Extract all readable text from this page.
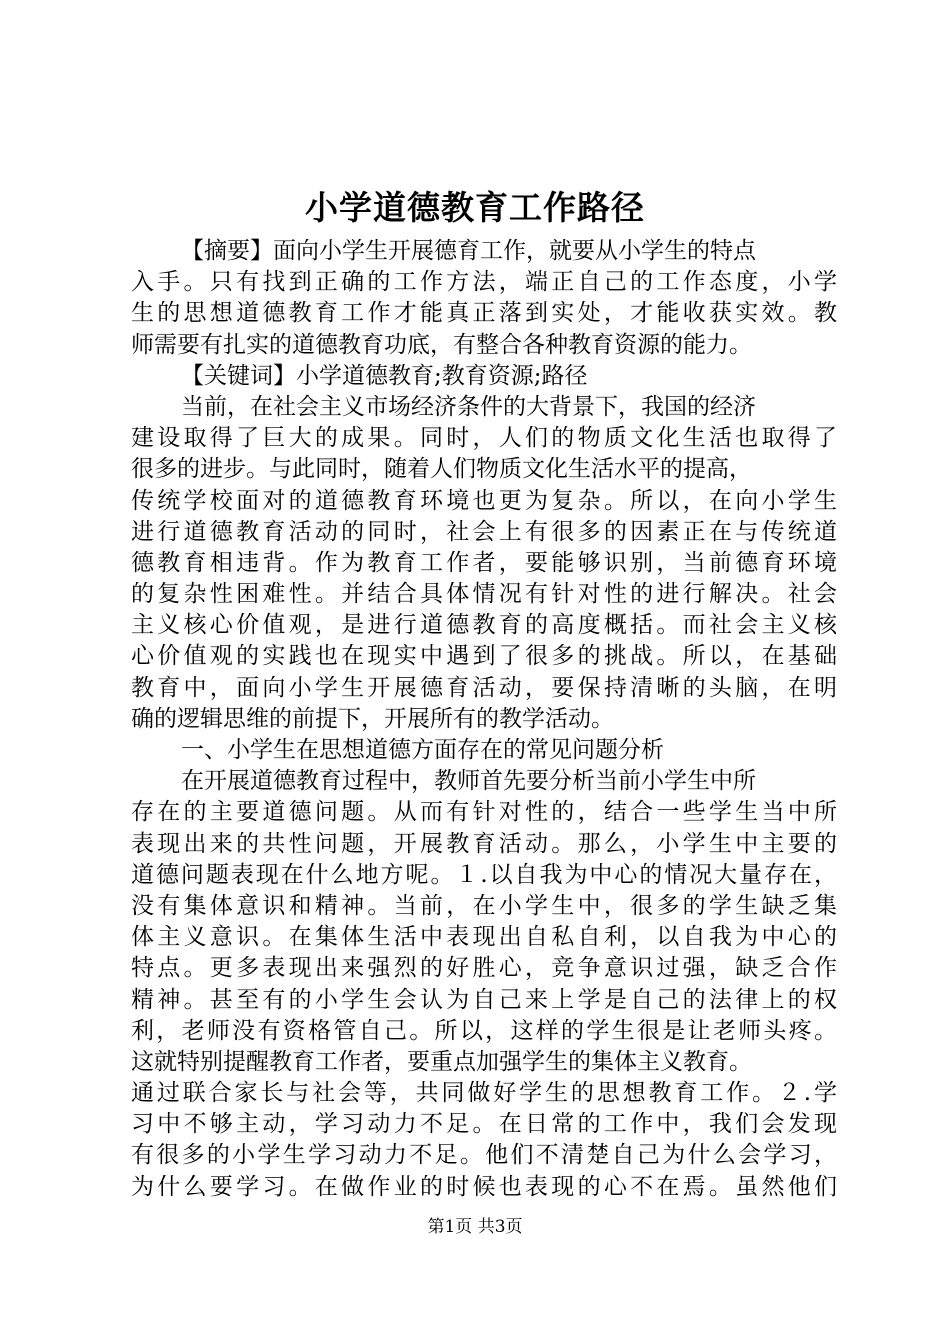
小学道德教育工作路径
【摘要】面向小学生开展德育工作，就要从小学生的特点
入手。只有找到正确的工作方法，端正自己的工作态度，小学
生的思想道德教育工作才能真正落到实处，才能收获实效。教
师需要有扎实的道德教育功底，有整合各种教育资源的能力。
【关键词】小学道德教育;教育资源;路径
当前，在社会主义市场经济条件的大背景下，我国的经济
建设取得了巨大的成果。同时，人们的物质文化生活也取得了
很多的进步。与此同时，随着人们物质文化生活水平的提高，
传统学校面对的道德教育环境也更为复杂。所以，在向小学生
进行道德教育活动的同时，社会上有很多的因素正在与传统道
德教育相违背。作为教育工作者，要能够识别，当前德育环境
的复杂性困难性。并结合具体情况有针对性的进行解决。社会
主义核心价值观，是进行道德教育的高度概括。而社会主义核
心价值观的实践也在现实中遇到了很多的挑战。所以，在基础
教育中，面向小学生开展德育活动，要保持清晰的头脑，在明
确的逻辑思维的前提下，开展所有的教学活动。
一、小学生在思想道德方面存在的常见问题分析
在开展道德教育过程中，教师首先要分析当前小学生中所
存在的主要道德问题。从而有针对性的，结合一些学生当中所
表现出来的共性问题，开展教育活动。那么，小学生中主要的
道德问题表现在什么地方呢。１.以自我为中心的情况大量存在，
没有集体意识和精神。当前，在小学生中，很多的学生缺乏集
体主义意识。在集体生活中表现出自私自利，以自我为中心的
特点。更多表现出来强烈的好胜心，竞争意识过强，缺乏合作
精神。甚至有的小学生会认为自己来上学是自己的法律上的权
利，老师没有资格管自己。所以，这样的学生很是让老师头疼。
这就特别提醒教育工作者，要重点加强学生的集体主义教育。
通过联合家长与社会等，共同做好学生的思想教育工作。２.学
习中不够主动，学习动力不足。在日常的工作中，我们会发现
有很多的小学生学习动力不足。他们不清楚自己为什么会学习，
为什么要学习。在做作业的时候也表现的心不在焉。虽然他们
第1页 共3页
